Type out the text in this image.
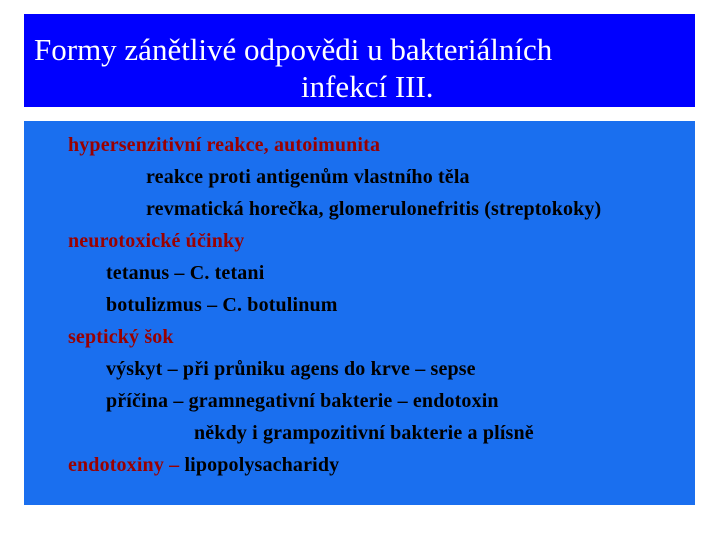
Formy zánětlivé odpovědi u bakteriálních
infekcí III.
hypersenzitivní reakce, autoimunita
reakce proti antigenům vlastního těla
revmatická horečka, glomerulonefritis (streptokoky)
neurotoxické účinky
tetanus – C. tetani
botulizmus – C. botulinum
septický šok
výskyt – při průniku agens do krve – sepse
příčina – gramnegativní bakterie – endotoxin
někdy i grampozitivní bakterie a plísně
endotoxiny – lipopolysacharidy
